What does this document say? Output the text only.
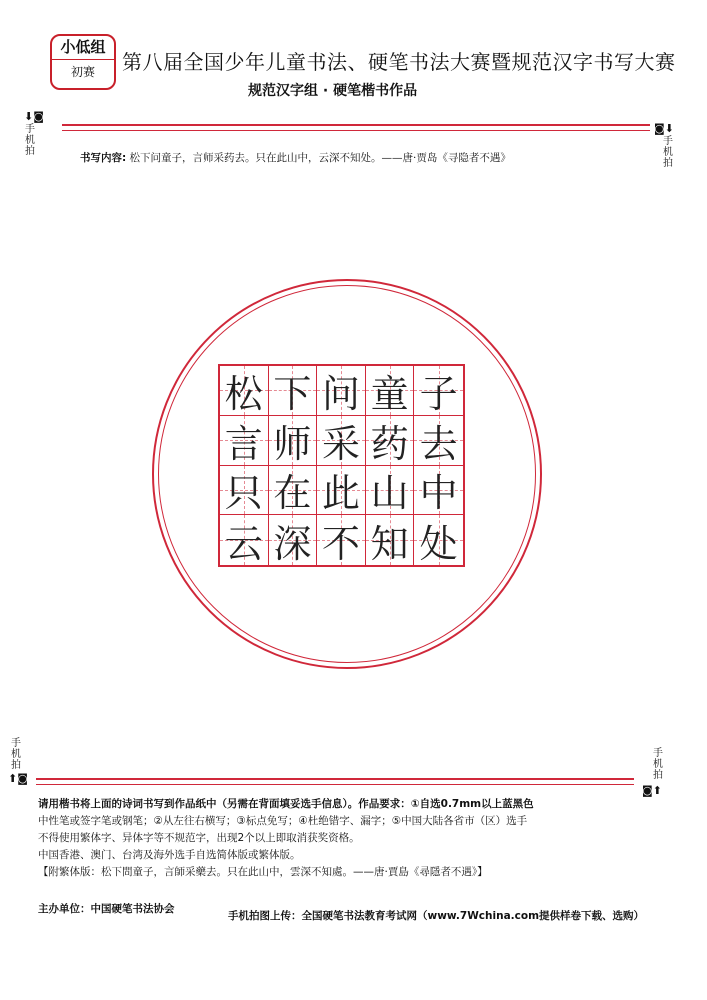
小低组
初赛	第八届全国少年儿童书法、硬笔书法大赛暨规范汉字书写大赛
规范汉字组 · 硬笔楷书作品
⬇◙
手机拍
◙⬇
手机拍
书写内容: 松下问童子，言师采药去。只在此山中，云深不知处。——唐·贾岛《寻隐者不遇》
松 下 问 童 子
言 师 采 药 去
只 在 此 山 中
云 深 不 知 处
手机拍
⬆◙
手机拍
◙⬆
请用楷书将上面的诗词书写到作品纸中（另需在背面填妥选手信息）。作品要求：①自选0.7mm以上蓝黑色
中性笔或签字笔或钢笔；②从左往右横写；③标点免写；④杜绝错字、漏字；⑤中国大陆各省市（区）选手
不得使用繁体字、异体字等不规范字，出现2个以上即取消获奖资格。
中国香港、澳门、台湾及海外选手自选简体版或繁体版。
【附繁体版：松下問童子，言師采藥去。只在此山中，雲深不知處。——唐·賈島《尋隱者不遇》】
主办单位：中国硬笔书法协会
手机拍图上传：全国硬笔书法教育考试网（www.7Wchina.com提供样卷下载、选购）
